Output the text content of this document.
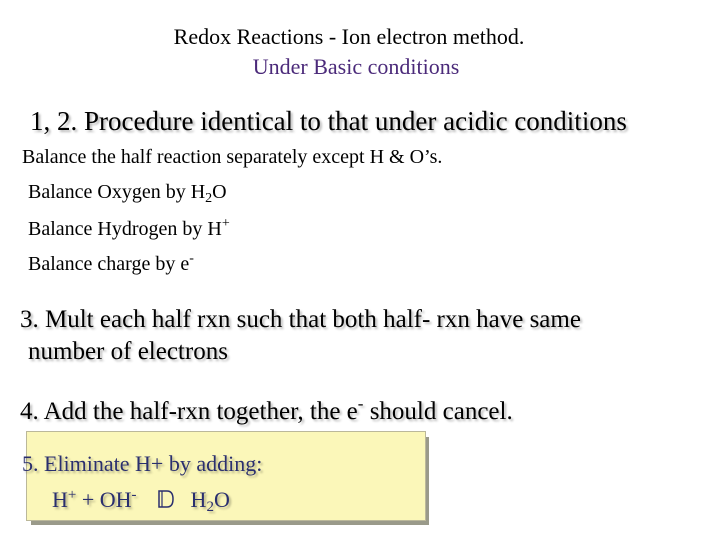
Redox Reactions - Ion electron method.
Under Basic conditions
1, 2. Procedure identical to that under acidic conditions
Balance the half reaction separately except H & O’s.
Balance Oxygen by $H_2O$
Balance Hydrogen by H+
Balance charge by e-
3. Mult each half rxn such that both half- rxn have same
number of electrons
4. Add the half-rxn together, the e- should cancel.
5. Eliminate H+ by adding:
H+ + OH- $H_2O$
